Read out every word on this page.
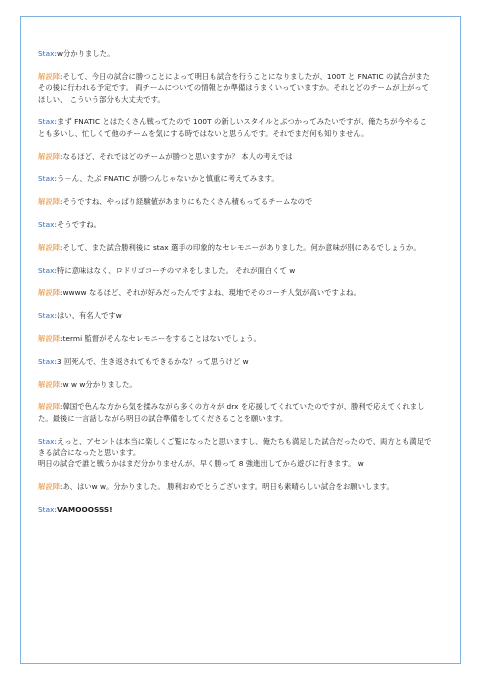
Stax:w分かりました。

解説陣:そして、今日の試合に勝つことによって明日も試合を行うことになりましたが、100T と FNATIC の試合がまたその後に行われる予定です。 両チームについての情報とか準備はうまくいっていますか。それとどのチームが上がってほしい、 こういう部分も大丈夫です。

Stax:まず FNATIC とはたくさん戦ってたので 100T の新しいスタイルとぶつかってみたいですが、俺たちが今やることも多いし、忙しくて他のチームを気にする時ではないと思うんです。それでまだ何も知りません。

解説陣:なるほど、それではどのチームが勝つと思いますか？ 本人の考えでは

Stax:う－ん、たぶ FNATIC が勝つんじゃないかと慎重に考えてみます。

解説陣:そうですね、やっぱり経験値があまりにもたくさん積もってるチームなので

Stax:そうですね。

解説陣:そして、また試合勝利後に stax 選手の印象的なセレモニーがありました。何か意味が別にあるでしょうか。

Stax:特に意味はなく、ロドリゴコーチのマネをしました。 それが面白くて w

解説陣:wwww なるほど、それが好みだったんですよね、現地でそのコーチ人気が高いですよね。

Stax:はい、有名人ですw

解説陣:termi 監督がそんなセレモニーをすることはないでしょう。

Stax:3 回死んで、生き返されてもできるかな？って思うけど w

解説陣:w w w分かりました。

解説陣:韓国で色んな方から気を揉みながら多くの方々が drx を応援してくれていたのですが、勝利で応えてくれました。最後に一言話しながら明日の試合準備をしてくださることを願います。

Stax:えっと、アセントは本当に楽しくご覧になったと思いますし、俺たちも満足した試合だったので、両方とも満足できる試合になったと思います。
明日の試合で誰と戦うかはまだ分かりませんが、早く勝って 8 強進出してから遊びに行きます。 w

解説陣:あ、はいw w。分かりました。 勝利おめでとうございます。明日も素晴らしい試合をお願いします。

Stax:VAMOOOSSS!
